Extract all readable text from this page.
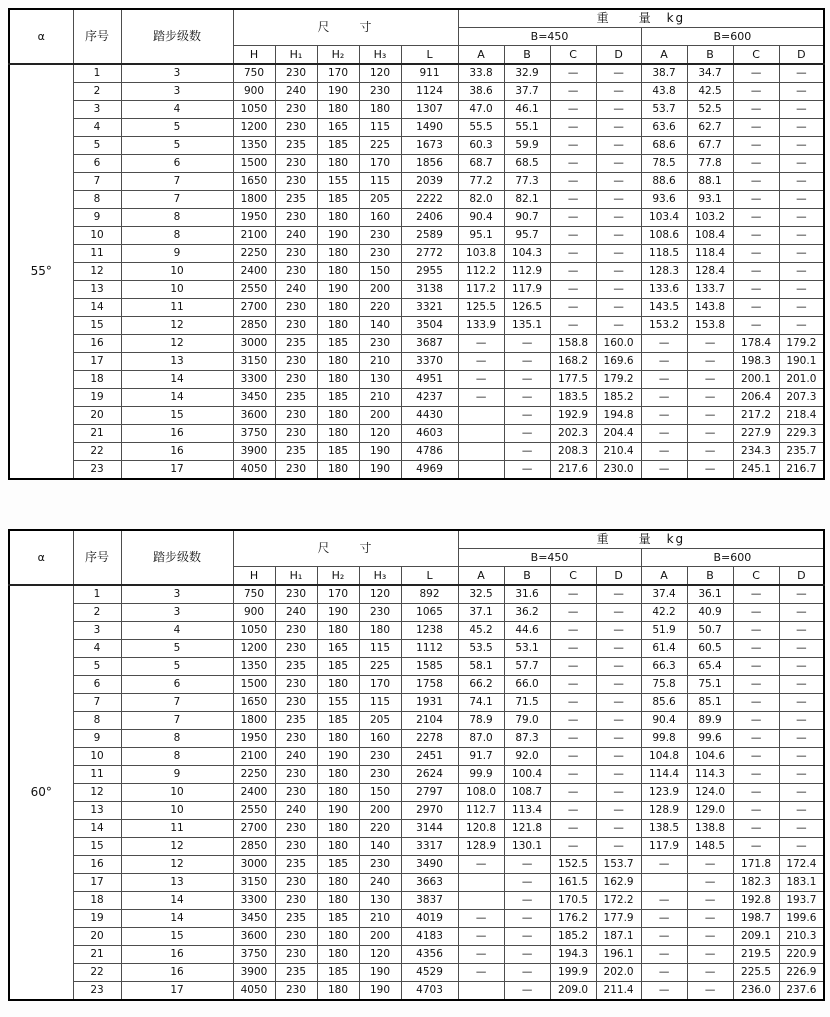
α	序号	踏步级数	尺　　寸					重　　量　kg							
								B=450				B=600			
			H	H₁	H₂	H₃	L	A	B	C	D	A	B	C	D
55°	1	3	750	230	170	120	911	33.8	32.9	—	—	38.7	34.7	—	—
	2	3	900	240	190	230	1124	38.6	37.7	—	—	43.8	42.5	—	—
	3	4	1050	230	180	180	1307	47.0	46.1	—	—	53.7	52.5	—	—
	4	5	1200	230	165	115	1490	55.5	55.1	—	—	63.6	62.7	—	—
	5	5	1350	235	185	225	1673	60.3	59.9	—	—	68.6	67.7	—	—
	6	6	1500	230	180	170	1856	68.7	68.5	—	—	78.5	77.8	—	—
	7	7	1650	230	155	115	2039	77.2	77.3	—	—	88.6	88.1	—	—
	8	7	1800	235	185	205	2222	82.0	82.1	—	—	93.6	93.1	—	—
	9	8	1950	230	180	160	2406	90.4	90.7	—	—	103.4	103.2	—	—
	10	8	2100	240	190	230	2589	95.1	95.7	—	—	108.6	108.4	—	—
	11	9	2250	230	180	230	2772	103.8	104.3	—	—	118.5	118.4	—	—
	12	10	2400	230	180	150	2955	112.2	112.9	—	—	128.3	128.4	—	—
	13	10	2550	240	190	200	3138	117.2	117.9	—	—	133.6	133.7	—	—
	14	11	2700	230	180	220	3321	125.5	126.5	—	—	143.5	143.8	—	—
	15	12	2850	230	180	140	3504	133.9	135.1	—	—	153.2	153.8	—	—
	16	12	3000	235	185	230	3687	—	—	158.8	160.0	—	—	178.4	179.2
	17	13	3150	230	180	210	3370	—	—	168.2	169.6	—	—	198.3	190.1
	18	14	3300	230	180	130	4951	—	—	177.5	179.2	—	—	200.1	201.0
	19	14	3450	235	185	210	4237	—	—	183.5	185.2	—	—	206.4	207.3
	20	15	3600	230	180	200	4430		—	192.9	194.8	—	—	217.2	218.4
	21	16	3750	230	180	120	4603		—	202.3	204.4	—	—	227.9	229.3
	22	16	3900	235	185	190	4786		—	208.3	210.4	—	—	234.3	235.7
	23	17	4050	230	180	190	4969		—	217.6	230.0	—	—	245.1	216.7
α	序号	踏步级数	尺　　寸					重　　量　kg							
								B=450				B=600			
			H	H₁	H₂	H₃	L	A	B	C	D	A	B	C	D
60°	1	3	750	230	170	120	892	32.5	31.6	—	—	37.4	36.1	—	—
	2	3	900	240	190	230	1065	37.1	36.2	—	—	42.2	40.9	—	—
	3	4	1050	230	180	180	1238	45.2	44.6	—	—	51.9	50.7	—	—
	4	5	1200	230	165	115	1112	53.5	53.1	—	—	61.4	60.5	—	—
	5	5	1350	235	185	225	1585	58.1	57.7	—	—	66.3	65.4	—	—
	6	6	1500	230	180	170	1758	66.2	66.0	—	—	75.8	75.1	—	—
	7	7	1650	230	155	115	1931	74.1	71.5	—	—	85.6	85.1	—	—
	8	7	1800	235	185	205	2104	78.9	79.0	—	—	90.4	89.9	—	—
	9	8	1950	230	180	160	2278	87.0	87.3	—	—	99.8	99.6	—	—
	10	8	2100	240	190	230	2451	91.7	92.0	—	—	104.8	104.6	—	—
	11	9	2250	230	180	230	2624	99.9	100.4	—	—	114.4	114.3	—	—
	12	10	2400	230	180	150	2797	108.0	108.7	—	—	123.9	124.0	—	—
	13	10	2550	240	190	200	2970	112.7	113.4	—	—	128.9	129.0	—	—
	14	11	2700	230	180	220	3144	120.8	121.8	—	—	138.5	138.8	—	—
	15	12	2850	230	180	140	3317	128.9	130.1	—	—	117.9	148.5	—	—
	16	12	3000	235	185	230	3490	—	—	152.5	153.7	—	—	171.8	172.4
	17	13	3150	230	180	240	3663		—	161.5	162.9		—	182.3	183.1
	18	14	3300	230	180	130	3837		—	170.5	172.2	—	—	192.8	193.7
	19	14	3450	235	185	210	4019	—	—	176.2	177.9	—	—	198.7	199.6
	20	15	3600	230	180	200	4183	—	—	185.2	187.1	—	—	209.1	210.3
	21	16	3750	230	180	120	4356	—	—	194.3	196.1	—	—	219.5	220.9
	22	16	3900	235	185	190	4529	—	—	199.9	202.0	—	—	225.5	226.9
	23	17	4050	230	180	190	4703		—	209.0	211.4	—	—	236.0	237.6
